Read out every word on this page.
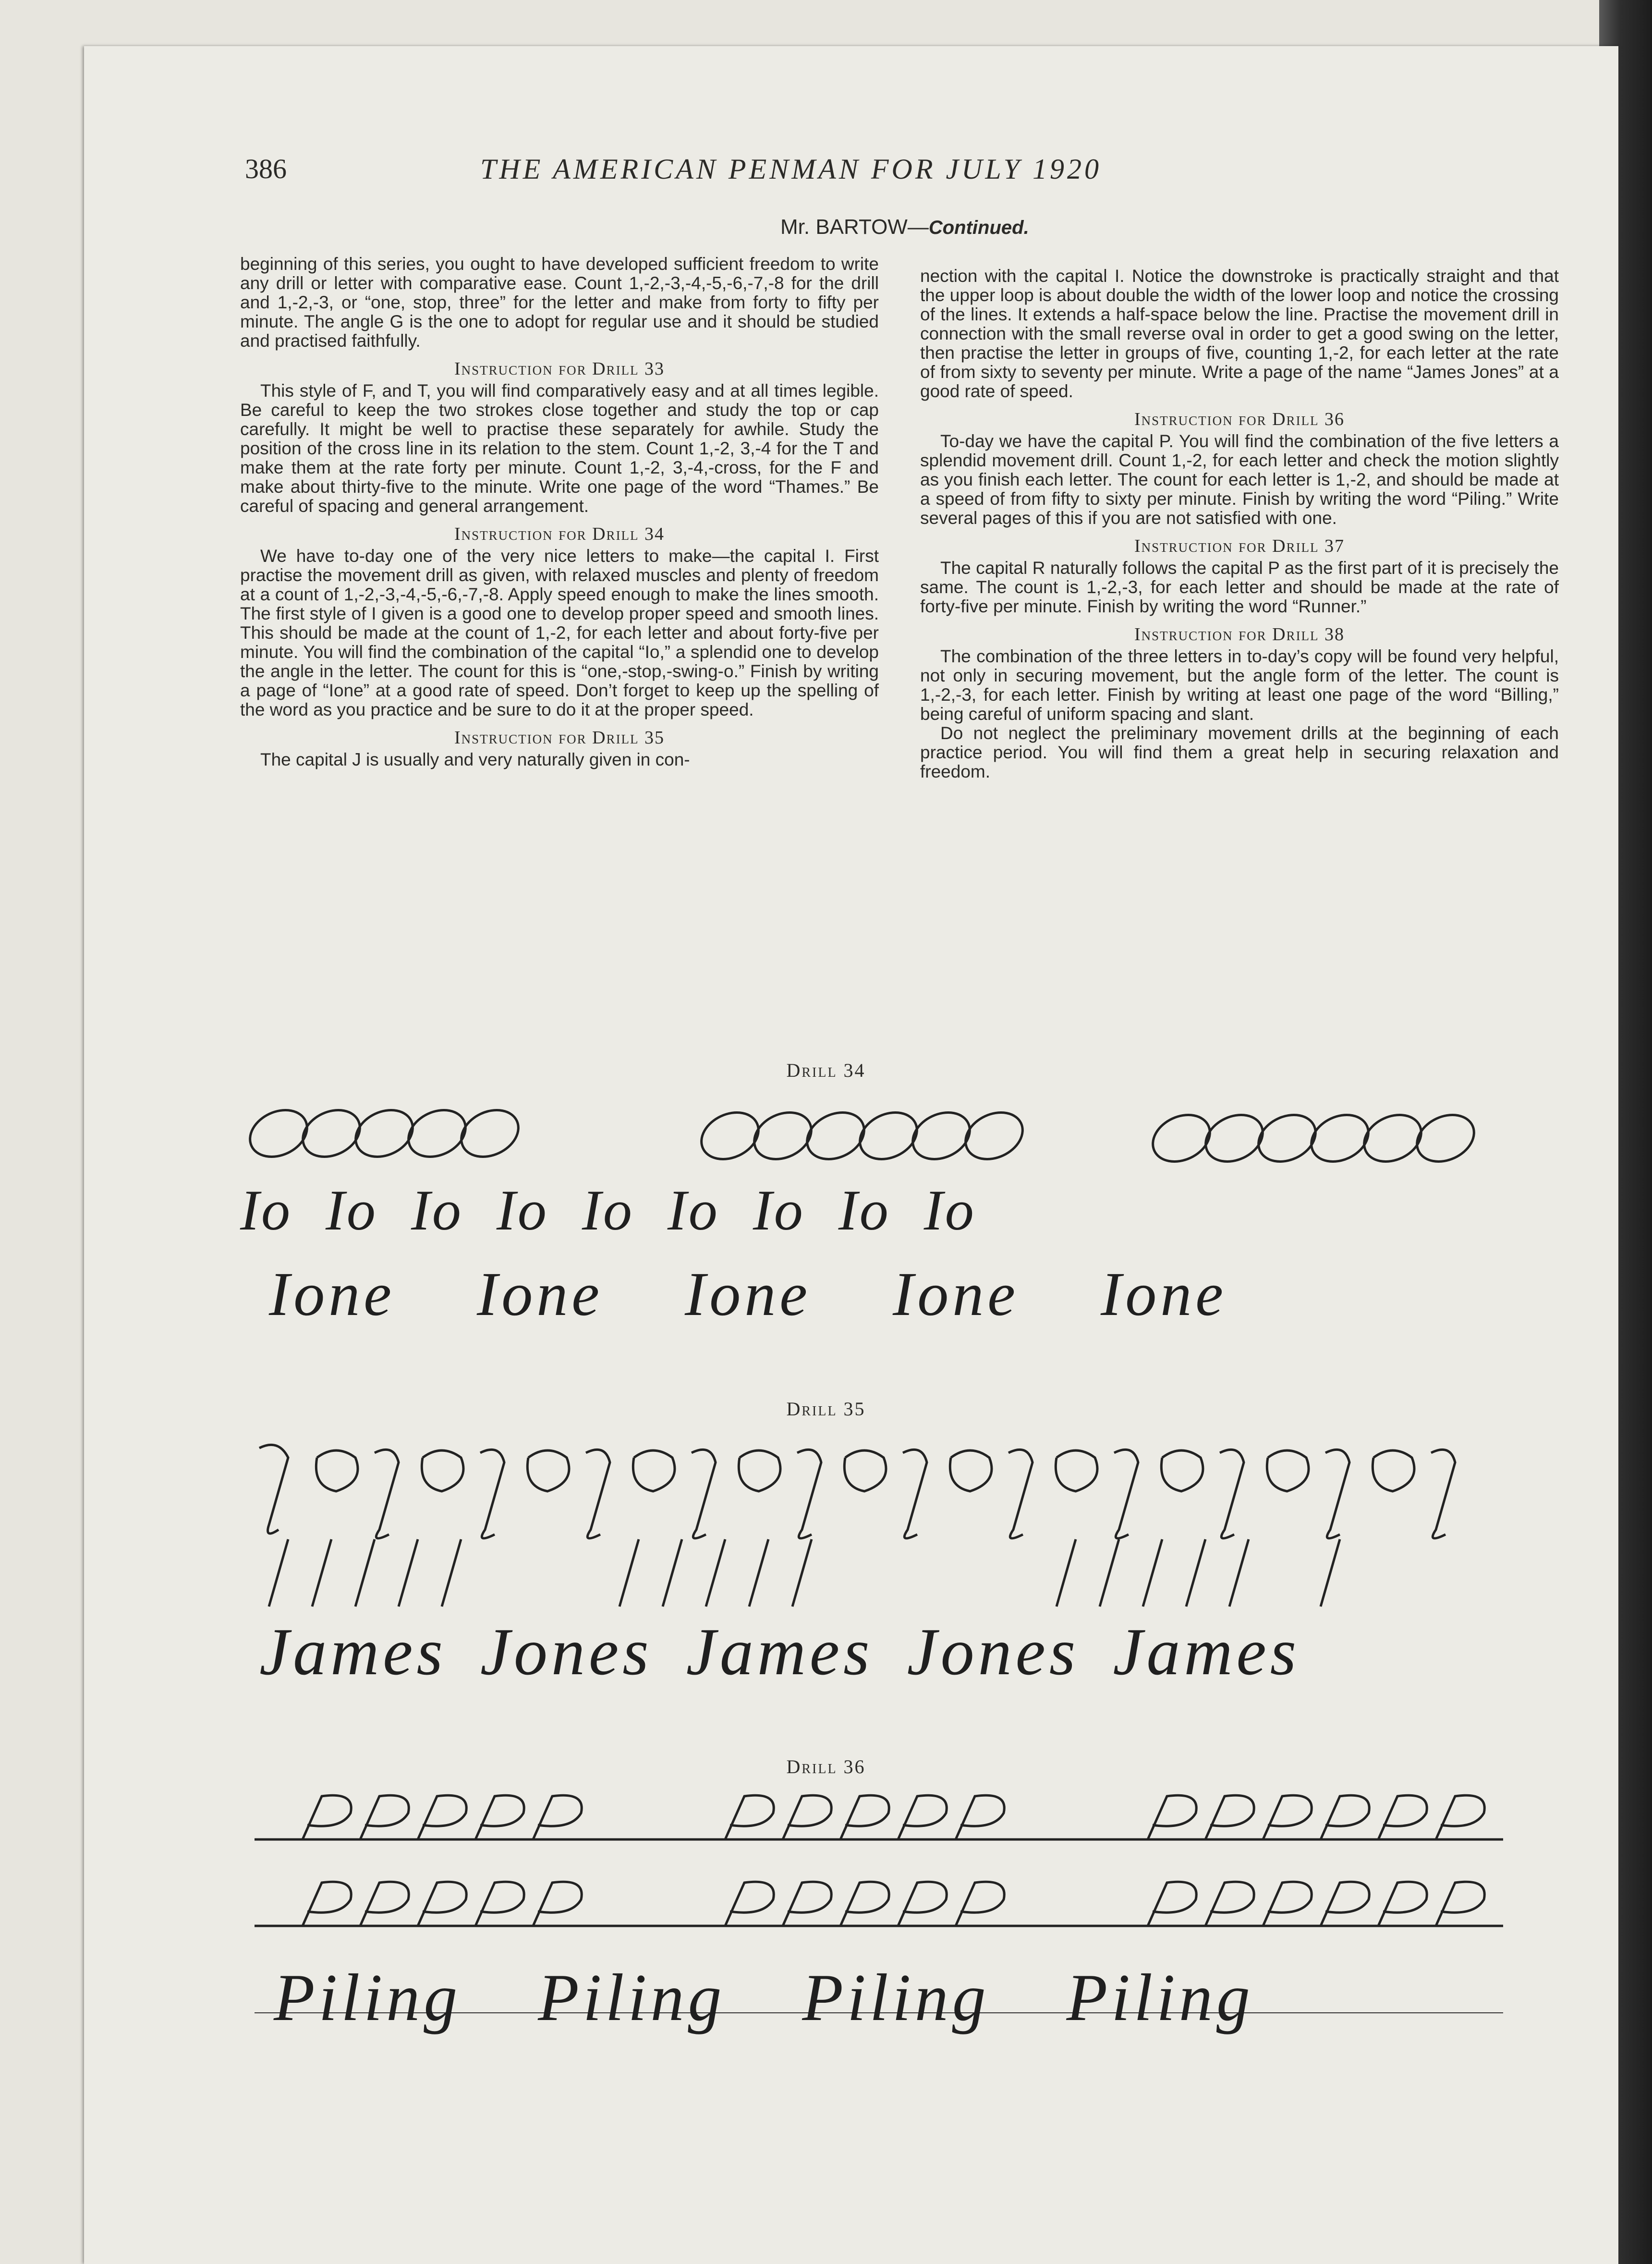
386	THE AMERICAN PENMAN FOR JULY 1920
Mr. BARTOW—Continued.

beginning of this series, you ought to have developed sufficient freedom to write any drill or letter with comparative ease. Count 1,-2,-3,-4,-5,-6,-7,-8 for the drill and 1,-2,-3, or “one, stop, three” for the letter and make from forty to fifty per minute. The angle G is the one to adopt for regular use and it should be studied and practised faithfully.

Instruction for Drill 33

This style of F, and T, you will find comparatively easy and at all times legible. Be careful to keep the two strokes close together and study the top or cap carefully. It might be well to practise these separately for awhile. Study the position of the cross line in its relation to the stem. Count 1,-2, 3,-4 for the T and make them at the rate forty per minute. Count 1,-2, 3,-4,-cross, for the F and make about thirty-five to the minute. Write one page of the word “Thames.” Be careful of spacing and general arrangement.

Instruction for Drill 34

We have to-day one of the very nice letters to make—the capital I. First practise the movement drill as given, with relaxed muscles and plenty of freedom at a count of 1,-2,-3,-4,-5,-6,-7,-8. Apply speed enough to make the lines smooth. The first style of I given is a good one to develop proper speed and smooth lines. This should be made at the count of 1,-2, for each letter and about forty-five per minute. You will find the combination of the capital “Io,” a splendid one to develop the angle in the letter. The count for this is “one,-stop,-swing-o.” Finish by writing a page of “Ione” at a good rate of speed. Don’t forget to keep up the spelling of the word as you practice and be sure to do it at the proper speed.

Instruction for Drill 35

The capital J is usually and very naturally given in con-

nection with the capital I. Notice the downstroke is practically straight and that the upper loop is about double the width of the lower loop and notice the crossing of the lines. It extends a half-space below the line. Practise the movement drill in connection with the small reverse oval in order to get a good swing on the letter, then practise the letter in groups of five, counting 1,-2, for each letter at the rate of from sixty to seventy per minute. Write a page of the name “James Jones” at a good rate of speed.

Instruction for Drill 36

To-day we have the capital P. You will find the combination of the five letters a splendid movement drill. Count 1,-2, for each letter and check the motion slightly as you finish each letter. The count for each letter is 1,-2, and should be made at a speed of from fifty to sixty per minute. Finish by writing the word “Piling.” Write several pages of this if you are not satisfied with one.

Instruction for Drill 37

The capital R naturally follows the capital P as the first part of it is precisely the same. The count is 1,-2,-3, for each letter and should be made at the rate of forty-five per minute. Finish by writing the word “Runner.”

Instruction for Drill 38

The combination of the three letters in to-day’s copy will be found very helpful, not only in securing movement, but the angle form of the letter. The count is 1,-2,-3, for each letter. Finish by writing at least one page of the word “Billing,” being careful of uniform spacing and slant.

Do not neglect the preliminary movement drills at the beginning of each practice period. You will find them a great help in securing relaxation and freedom.

Drill 34
Io Io Io Io Io Io Io Io Io
Ione Ione Ione Ione Ione
Drill 35
James Jones James Jones James
Drill 36
Piling Piling Piling Piling
